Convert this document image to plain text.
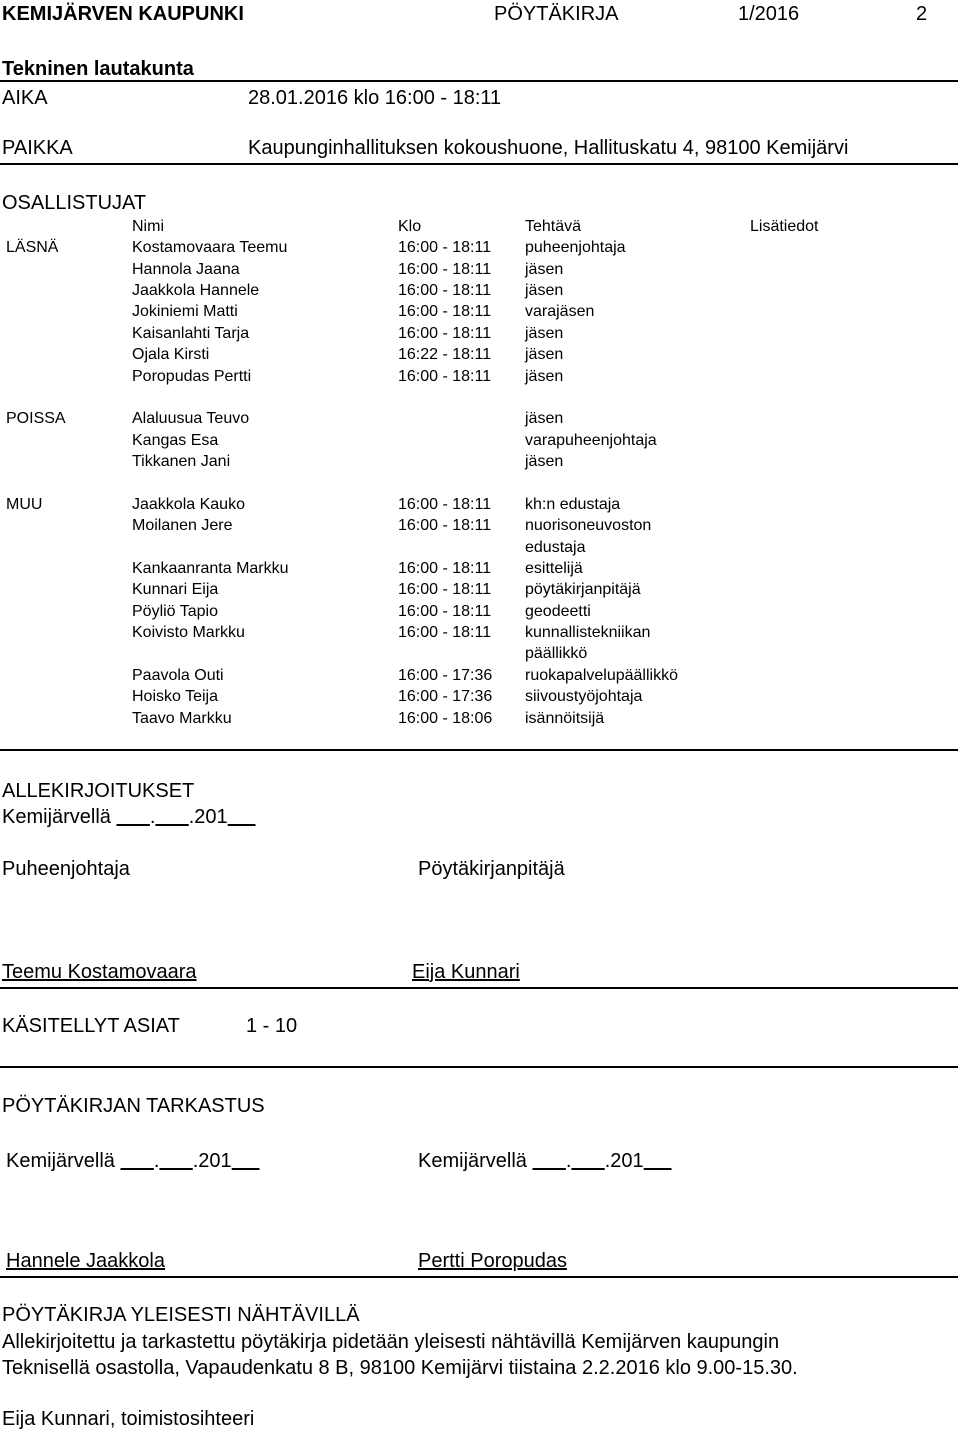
KEMIJÄRVEN KAUPUNKI	PÖYTÄKIRJA	1/2016	2
Tekninen lautakunta
AIKA	28.01.2016 klo 16:00 - 18:11
PAIKKA	Kaupunginhallituksen kokoushuone, Hallituskatu 4, 98100 Kemijärvi
OSALLISTUJAT
Nimi	Klo	Tehtävä	Lisätiedot
LÄSNÄ	Kostamovaara Teemu	16:00 - 18:11 puheenjohtaja
Hannola Jaana	16:00 - 18:11 jäsen
Jaakkola Hannele	16:00 - 18:11 jäsen
Jokiniemi Matti	16:00 - 18:11 varajäsen
Kaisanlahti Tarja	16:00 - 18:11 jäsen
Ojala Kirsti	16:22 - 18:11 jäsen
Poropudas Pertti	16:00 - 18:11 jäsen
POISSA	Alaluusua Teuvo	jäsen
Kangas Esa	varapuheenjohtaja
Tikkanen Jani	jäsen
MUU	Jaakkola Kauko	16:00 - 18:11 kh:n edustaja
Moilanen Jere	16:00 - 18:11 nuorisoneuvoston
edustaja
Kankaanranta Markku	16:00 - 18:11 esittelijä
Kunnari Eija	16:00 - 18:11 pöytäkirjanpitäjä
Pöyliö Tapio	16:00 - 18:11 geodeetti
Koivisto Markku	16:00 - 18:11 kunnallistekniikan
päällikkö
Paavola Outi	16:00 - 17:36 ruokapalvelupäällikkö
Hoisko Teija	16:00 - 17:36 siivoustyöjohtaja
Taavo Markku	16:00 - 18:06 isännöitsijä
ALLEKIRJOITUKSET
Kemijärvellä . .201
Puheenjohtaja	Pöytäkirjanpitäjä
Teemu Kostamovaara	Eija Kunnari
KÄSITELLYT ASIAT	1 - 10
PÖYTÄKIRJAN TARKASTUS
Kemijärvellä . .201	Kemijärvellä . .201
Hannele Jaakkola	Pertti Poropudas
PÖYTÄKIRJA YLEISESTI NÄHTÄVILLÄ
Allekirjoitettu ja tarkastettu pöytäkirja pidetään yleisesti nähtävillä Kemijärven kaupungin
Teknisellä osastolla, Vapaudenkatu 8 B, 98100 Kemijärvi tiistaina 2.2.2016 klo 9.00-15.30.
Eija Kunnari, toimistosihteeri
